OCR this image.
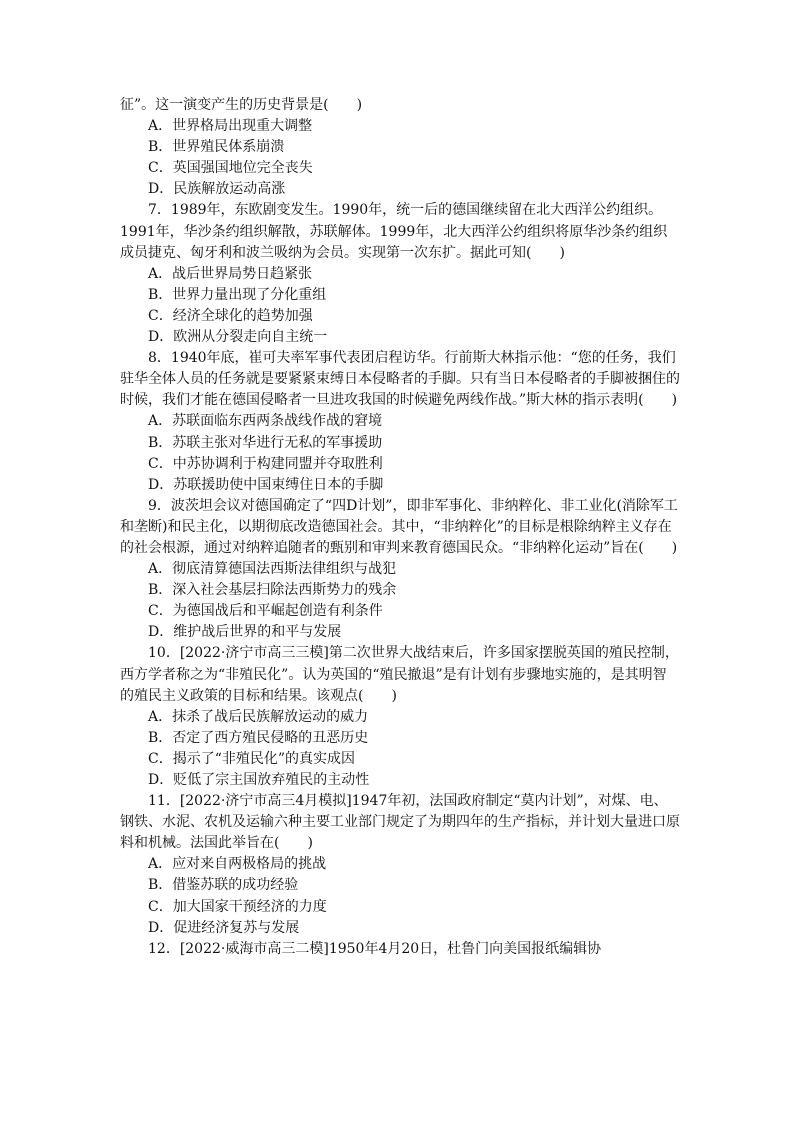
征”。这一演变产生的历史背景是(　　)
A．世界格局出现重大调整
B．世界殖民体系崩溃
C．英国强国地位完全丧失
D．民族解放运动高涨
7．1989年，东欧剧变发生。1990年，统一后的德国继续留在北大西洋公约组织。1991年，华沙条约组织解散，苏联解体。1999年，北大西洋公约组织将原华沙条约组织成员捷克、匈牙利和波兰吸纳为会员。实现第一次东扩。据此可知(　　)
A．战后世界局势日趋紧张
B．世界力量出现了分化重组
C．经济全球化的趋势加强
D．欧洲从分裂走向自主统一
8．1940年底，崔可夫率军事代表团启程访华。行前斯大林指示他：“您的任务，我们驻华全体人员的任务就是要紧紧束缚日本侵略者的手脚。只有当日本侵略者的手脚被捆住的时候，我们才能在德国侵略者一旦进攻我国的时候避免两线作战。”斯大林的指示表明(　　)
A．苏联面临东西两条战线作战的窘境
B．苏联主张对华进行无私的军事援助
C．中苏协调利于构建同盟并夺取胜利
D．苏联援助使中国束缚住日本的手脚
9．波茨坦会议对德国确定了“四D计划”，即非军事化、非纳粹化、非工业化(消除军工和垄断)和民主化，以期彻底改造德国社会。其中，“非纳粹化”的目标是根除纳粹主义存在的社会根源，通过对纳粹追随者的甄别和审判来教育德国民众。“非纳粹化运动”旨在(　　)
A．彻底清算德国法西斯法律组织与战犯
B．深入社会基层扫除法西斯势力的残余
C．为德国战后和平崛起创造有利条件
D．维护战后世界的和平与发展
10．[2022·济宁市高三三模]第二次世界大战结束后，许多国家摆脱英国的殖民控制，西方学者称之为“非殖民化”。认为英国的“殖民撤退”是有计划有步骤地实施的，是其明智的殖民主义政策的目标和结果。该观点(　　)
A．抹杀了战后民族解放运动的威力
B．否定了西方殖民侵略的丑恶历史
C．揭示了“非殖民化”的真实成因
D．贬低了宗主国放弃殖民的主动性
11．[2022·济宁市高三4月模拟]1947年初，法国政府制定“莫内计划”，对煤、电、钢铁、水泥、农机及运输六种主要工业部门规定了为期四年的生产指标，并计划大量进口原料和机械。法国此举旨在(　　)
A．应对来自两极格局的挑战
B．借鉴苏联的成功经验
C．加大国家干预经济的力度
D．促进经济复苏与发展
12．[2022·威海市高三二模]1950年4月20日，杜鲁门向美国报纸编辑协
